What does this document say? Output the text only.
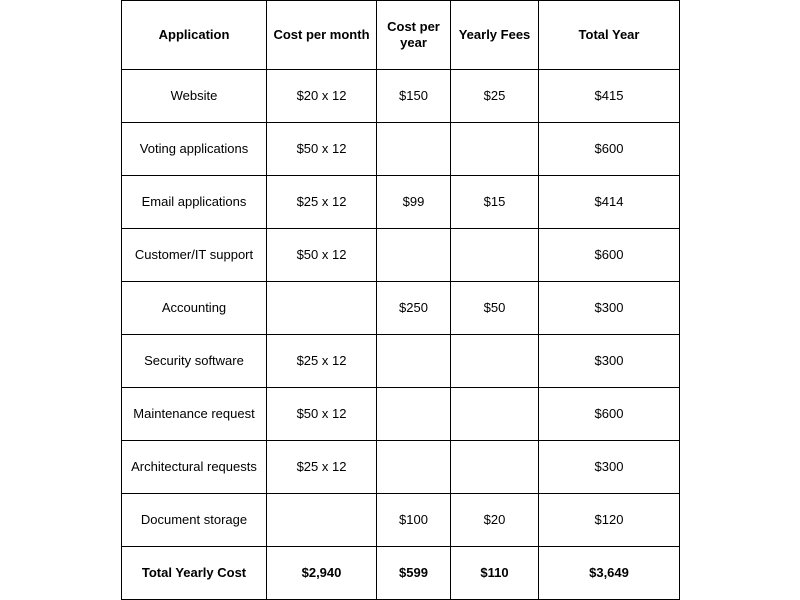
Application	Cost per month	Cost per year	Yearly Fees	Total Year
Website	$20 x 12	$150	$25	$415
Voting applications	$50 x 12			$600
Email applications	$25 x 12	$99	$15	$414
Customer/IT support	$50 x 12			$600
Accounting		$250	$50	$300
Security software	$25 x 12			$300
Maintenance request	$50 x 12			$600
Architectural requests	$25 x 12			$300
Document storage		$100	$20	$120
Total Yearly Cost	$2,940	$599	$110	$3,649
